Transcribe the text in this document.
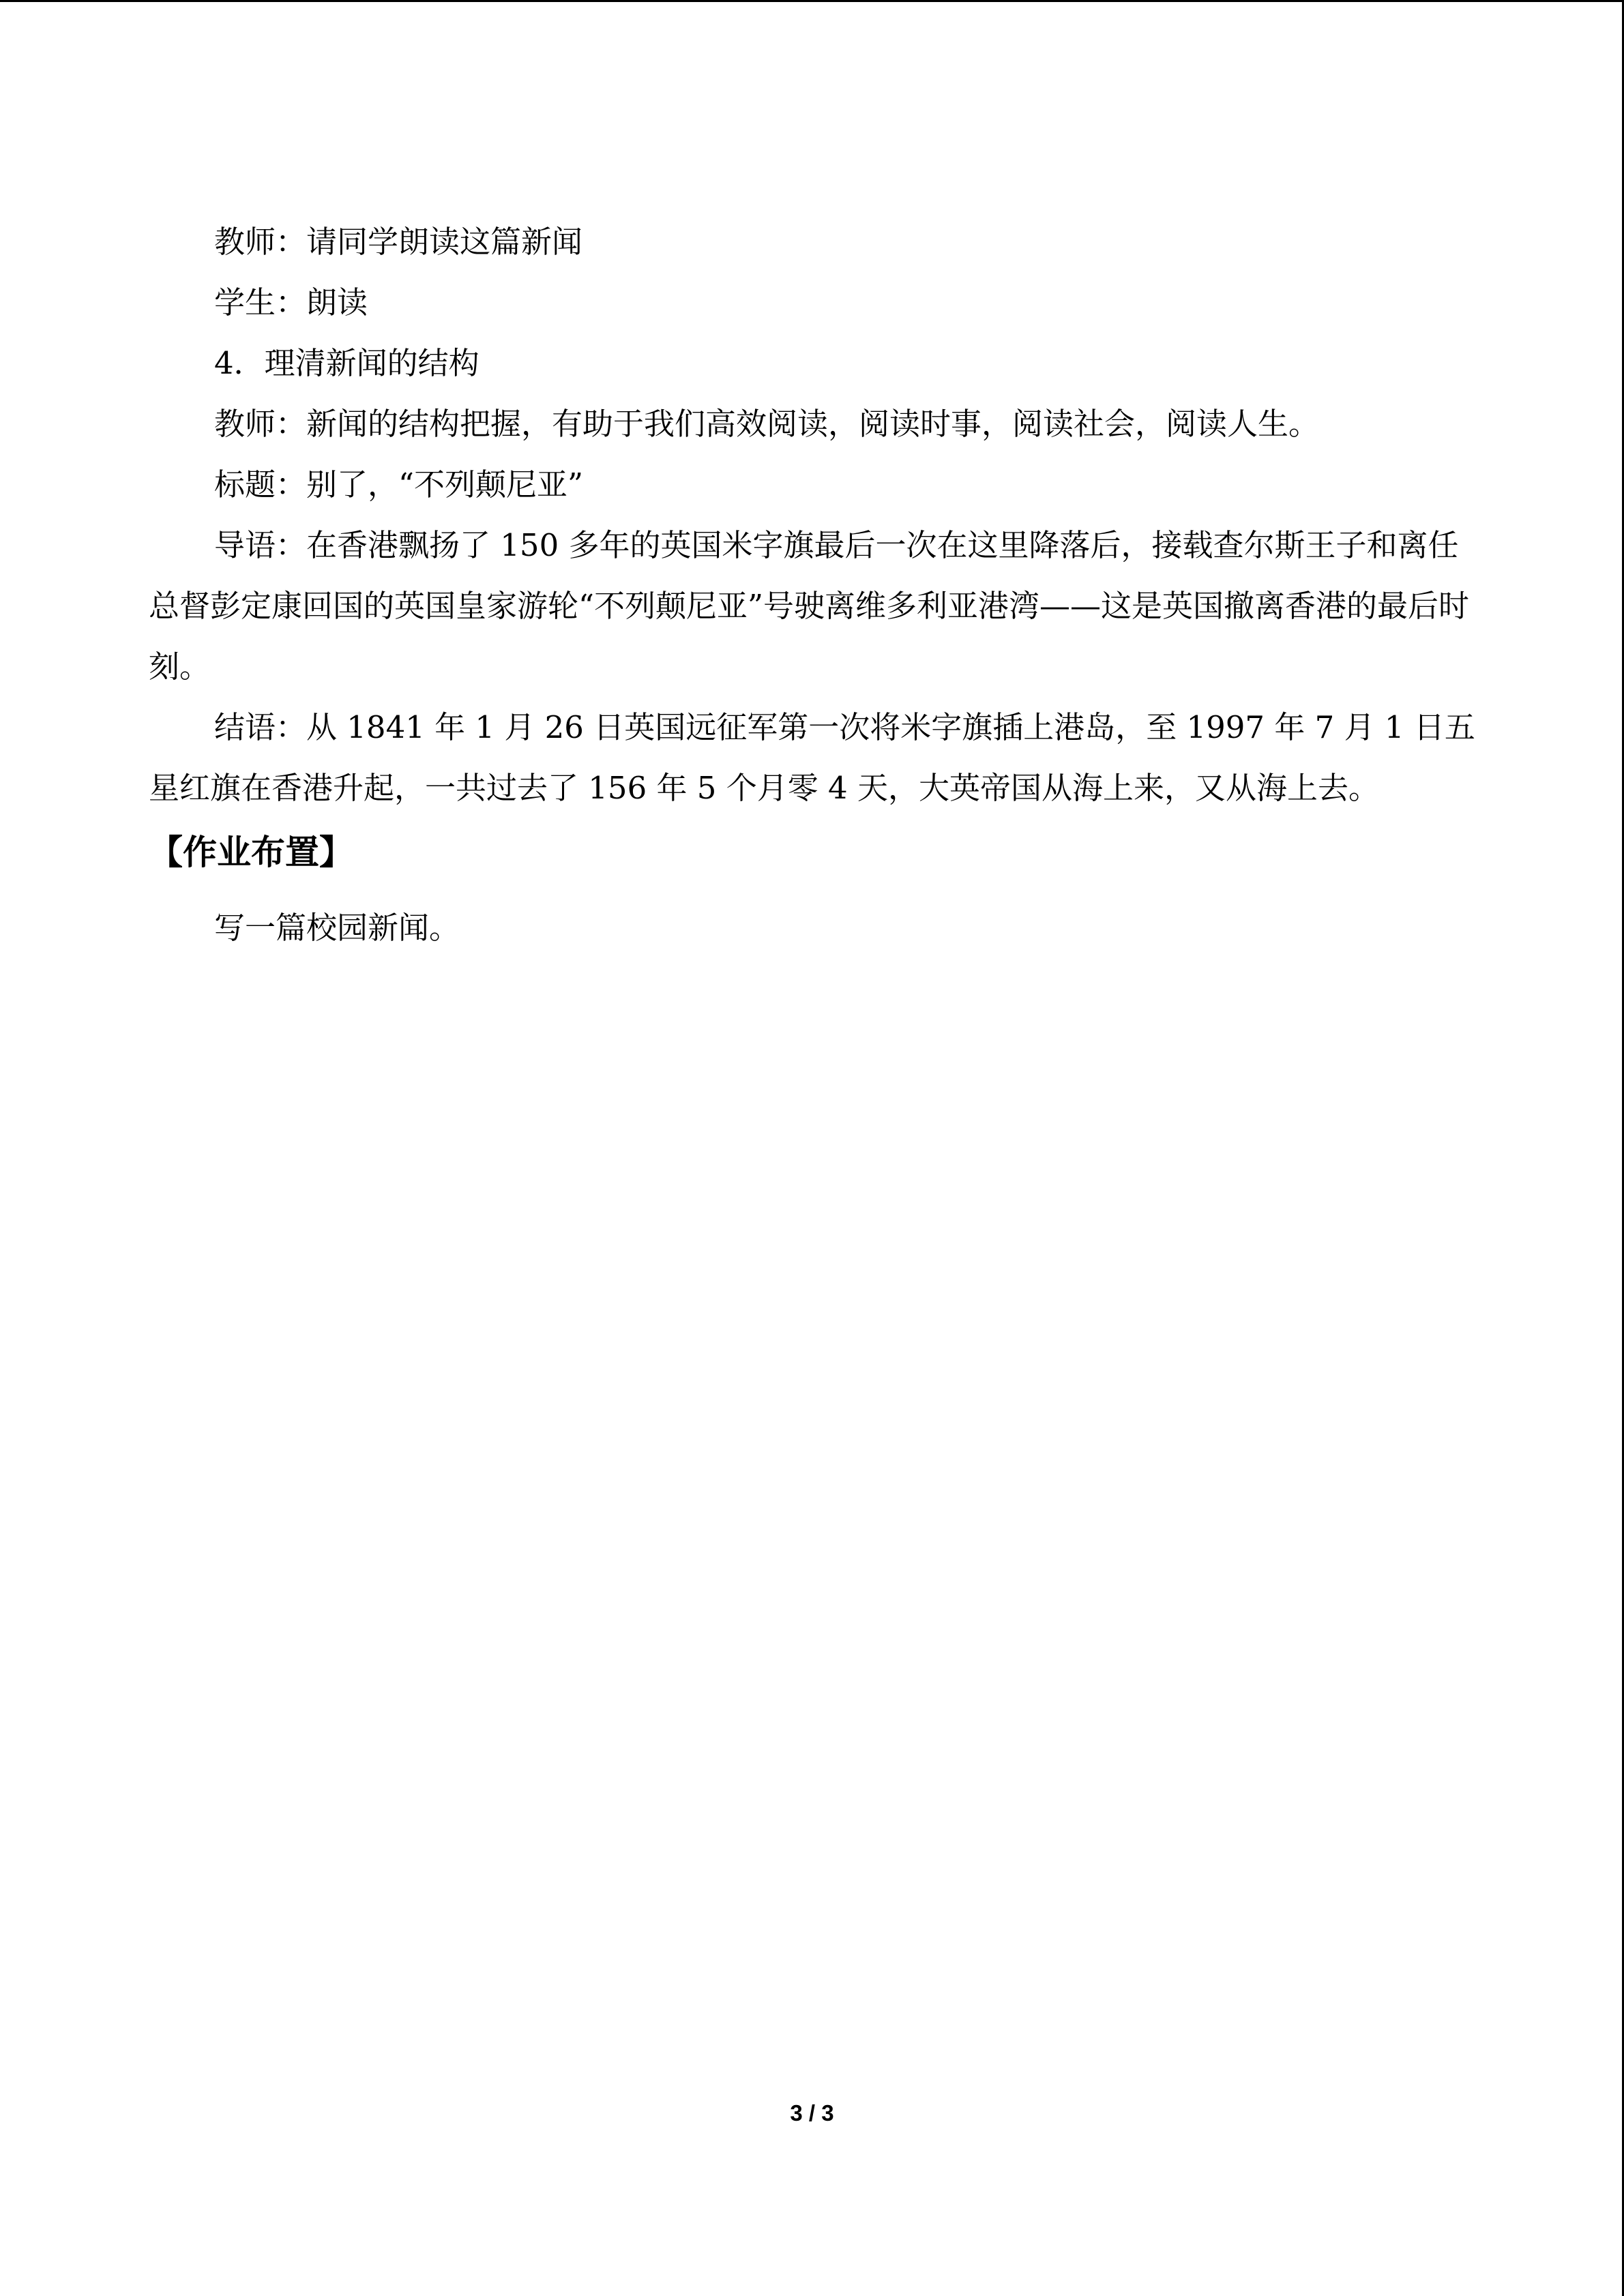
教师：请同学朗读这篇新闻

学生：朗读

4．理清新闻的结构

教师：新闻的结构把握，有助于我们高效阅读，阅读时事，阅读社会，阅读人生。

标题：别了，“不列颠尼亚”

导语：在香港飘扬了 150 多年的英国米字旗最后一次在这里降落后，接载查尔斯王子和离任总督彭定康回国的英国皇家游轮“不列颠尼亚”号驶离维多利亚港湾——这是英国撤离香港的最后时刻。

结语：从 1841 年 1 月 26 日英国远征军第一次将米字旗插上港岛，至 1997 年 7 月 1 日五星红旗在香港升起，一共过去了 156 年 5 个月零 4 天，大英帝国从海上来，又从海上去。

【作业布置】

写一篇校园新闻。

3 / 3
